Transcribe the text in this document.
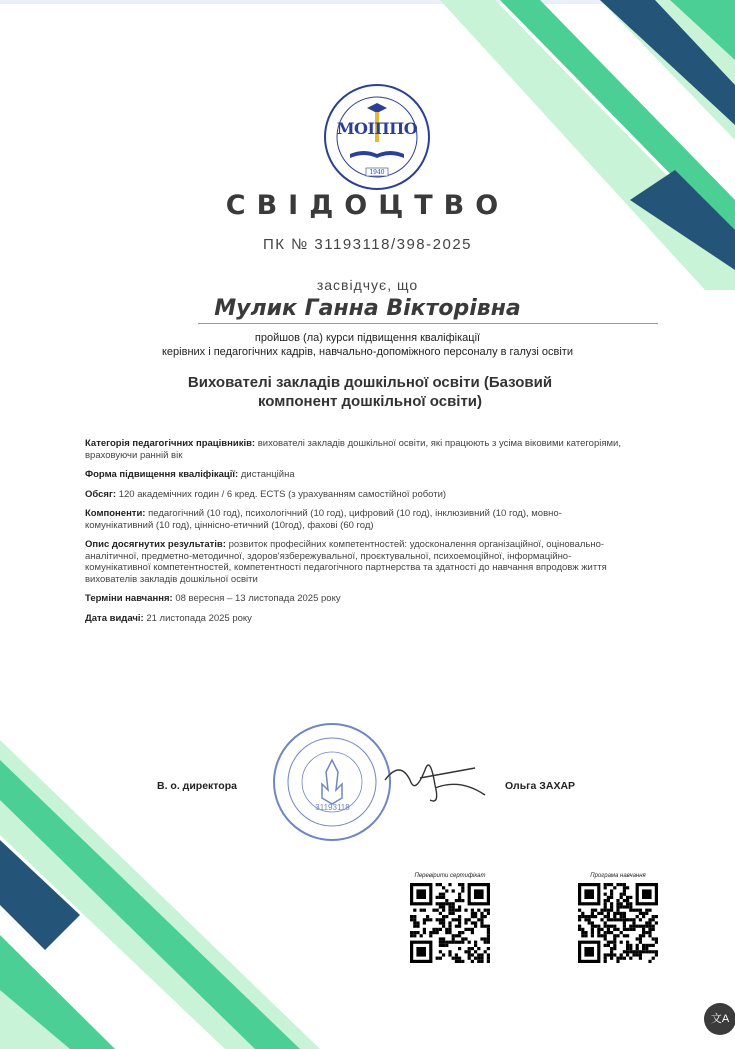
МОІППО
1940
СВІДОЦТВО
ПК № 31193118/398-2025
засвідчує, що
Мулик Ганна Вікторівна
пройшов (ла) курси підвищення кваліфікації
керівних і педагогічних кадрів, навчально-допоміжного персоналу в галузі освіти
Вихователі закладів дошкільної освіти (Базовий компонент дошкільної освіти)

Категорія педагогічних працівників: вихователі закладів дошкільної освіти, які працюють з усіма віковими категоріями, враховуючи ранній вік

Форма підвищення кваліфікації: дистанційна

Обсяг: 120 академічних годин / 6 кред. ECTS (з урахуванням самостійної роботи)

Компоненти: педагогічний (10 год), психологічний (10 год), цифровий (10 год), інклюзивний (10 год), мовно-комунікативний (10 год), ціннісно-етичний (10год), фахові (60 год)

Опис досягнутих результатів: розвиток професійних компетентностей: удосконалення організаційної, оціновально-аналітичної, предметно-методичної, здоров'язбережувальної, проєктувальної, психоемоційної, інформаційно-комунікативної компетентностей, компетентності педагогічного партнерства та здатності до навчання впродовж життя вихователів закладів дошкільної освіти

Терміни навчання: 08 вересня – 13 листопада 2025 року

Дата видачі: 21 листопада 2025 року

31193118
В. о. директора	Ольга ЗАХАР
Перевірити сертифікат	Програма навчання
文A
